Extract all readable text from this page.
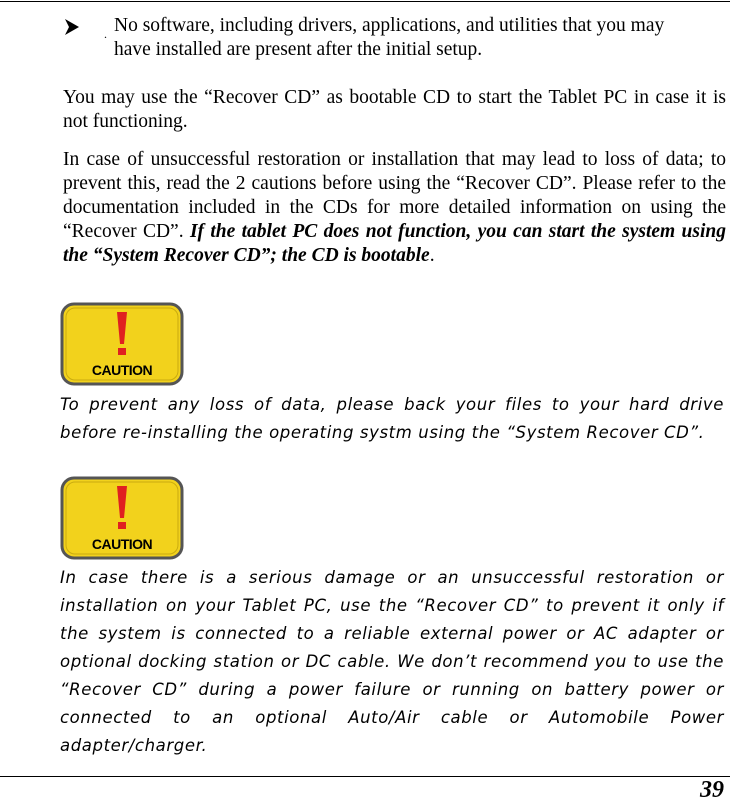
. No software, including drivers, applications, and utilities that you may have installed are present after the initial setup.
You may use the “Recover CD” as bootable CD to start the Tablet PC in case it is not functioning.
In case of unsuccessful restoration or installation that may lead to loss of data; to prevent this, read the 2 cautions before using the “Recover CD”. Please refer to the documentation included in the CDs for more detailed information on using the “Recover CD”. If the tablet PC does not function, you can start the system using the “System Recover CD”; the CD is bootable.
CAUTION
To prevent any loss of data, please back your files to your hard drive before re-installing the operating systm using the “System Recover CD”.
CAUTION
In case there is a serious damage or an unsuccessful restoration or installation on your Tablet PC, use the “Recover CD” to prevent it only if the system is connected to a reliable external power or AC adapter or optional docking station or DC cable. We don’t recommend you to use the “Recover CD” during a power failure or running on battery power or connected to an optional Auto/Air cable or Automobile Power adapter/charger.
39
